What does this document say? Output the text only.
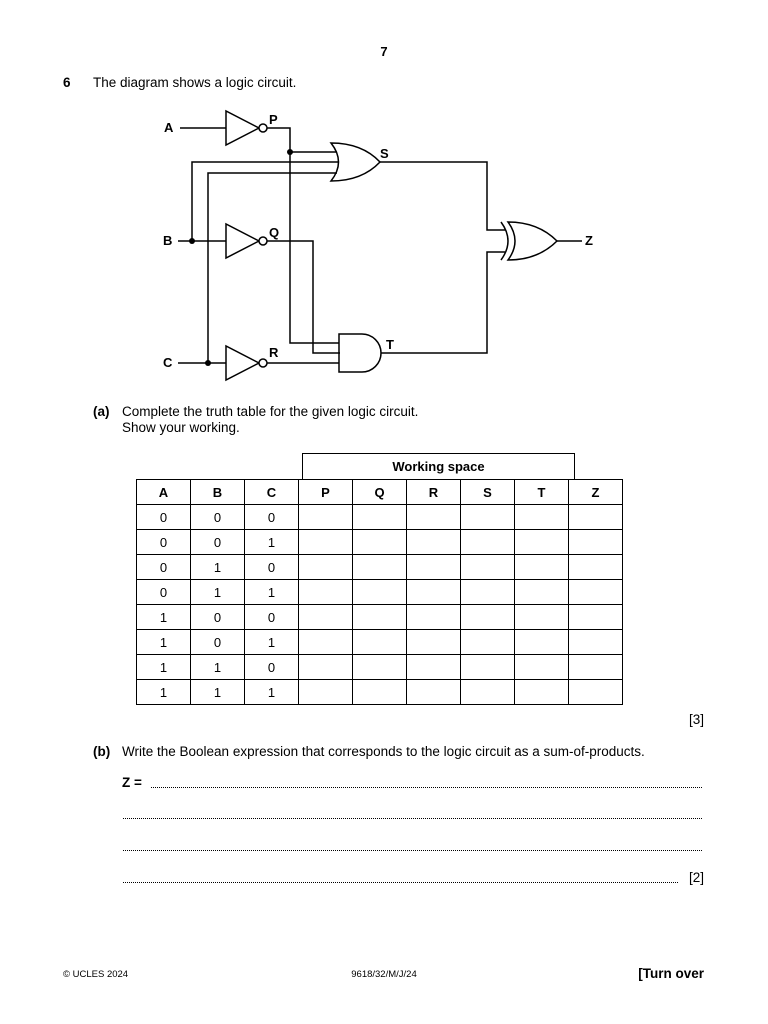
7
6 The diagram shows a logic circuit.
A
B
C
P
Q
R
S
T
Z
(a) Complete the truth table for the given logic circuit.
Show your working.
Working space
A	B	C	P	Q	R	S	T	Z
0	0	0						
0	0	1						
0	1	0						
0	1	1						
1	0	0						
1	0	1						
1	1	0						
1	1	1						
[3]
(b) Write the Boolean expression that corresponds to the logic circuit as a sum-of-products.
Z =
[2]
© UCLES 2024	9618/32/M/J/24	[Turn over
